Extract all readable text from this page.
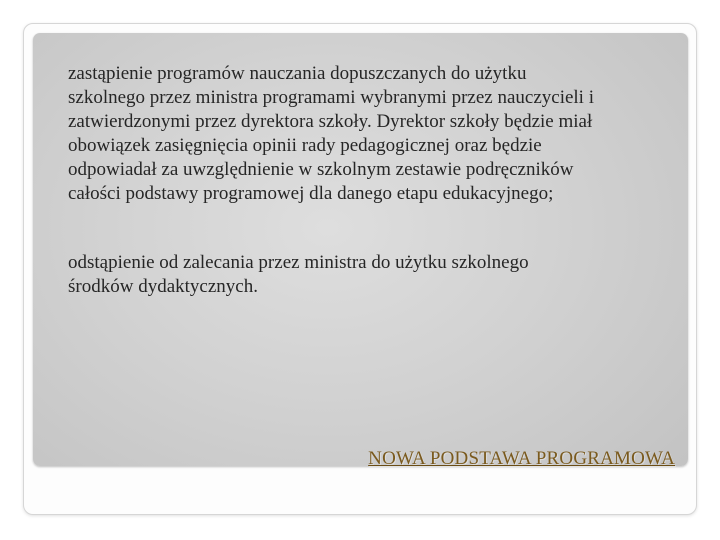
zastąpienie programów nauczania dopuszczanych do użytku
szkolnego przez ministra programami wybranymi przez nauczycieli i
zatwierdzonymi przez dyrektora szkoły. Dyrektor szkoły będzie miał
obowiązek zasięgnięcia opinii rady pedagogicznej oraz będzie
odpowiadał za uwzględnienie w szkolnym zestawie podręczników
całości podstawy programowej dla danego etapu edukacyjnego;
odstąpienie od zalecania przez ministra do użytku szkolnego
środków dydaktycznych.
NOWA PODSTAWA PROGRAMOWA
